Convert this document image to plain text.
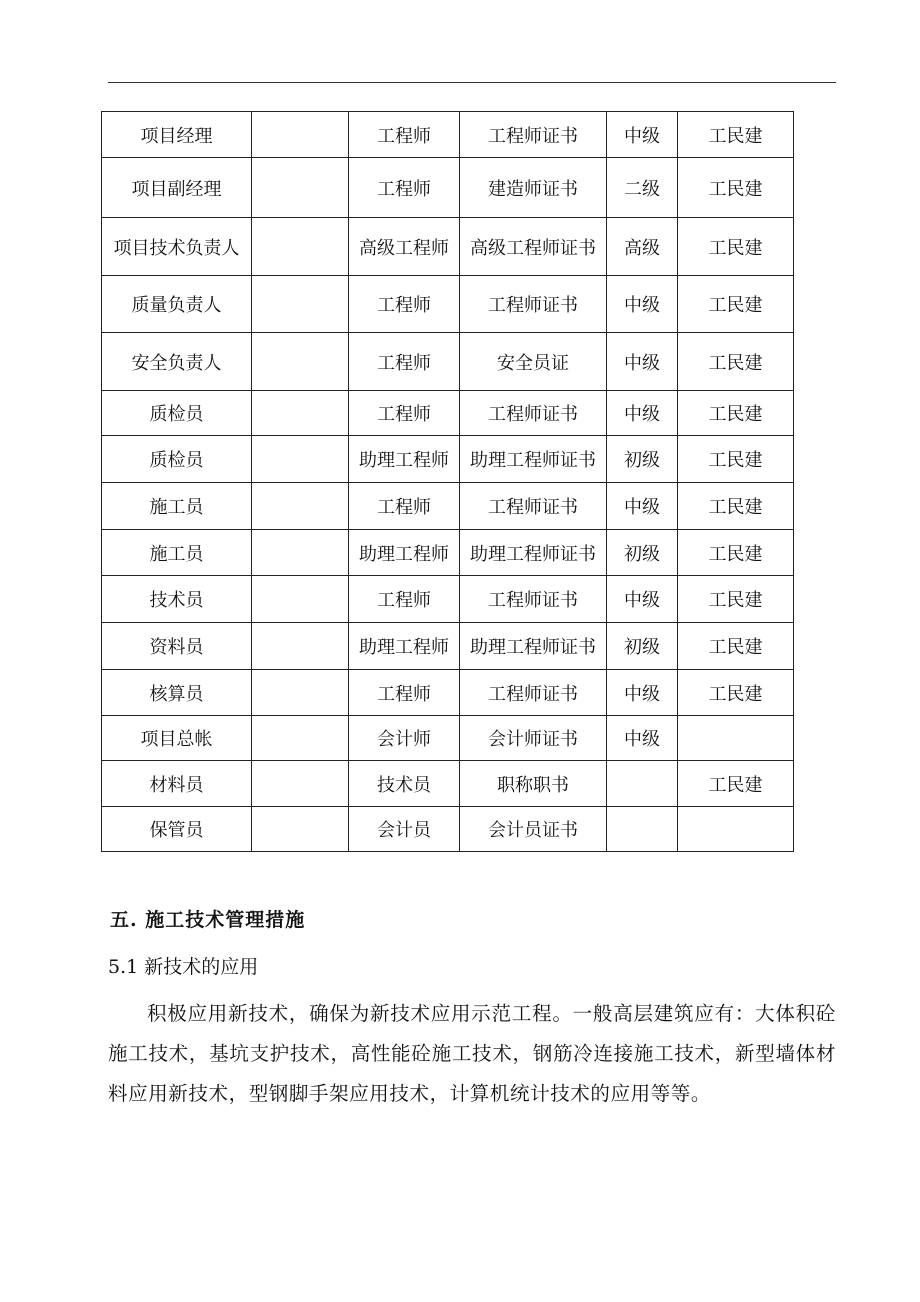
项目经理		工程师	工程师证书	中级	工民建
项目副经理		工程师	建造师证书	二级	工民建
项目技术负责人		高级工程师	高级工程师证书	高级	工民建
质量负责人		工程师	工程师证书	中级	工民建
安全负责人		工程师	安全员证	中级	工民建
质检员		工程师	工程师证书	中级	工民建
质检员		助理工程师	助理工程师证书	初级	工民建
施工员		工程师	工程师证书	中级	工民建
施工员		助理工程师	助理工程师证书	初级	工民建
技术员		工程师	工程师证书	中级	工民建
资料员		助理工程师	助理工程师证书	初级	工民建
核算员		工程师	工程师证书	中级	工民建
项目总帐		会计师	会计师证书	中级	
材料员		技术员	职称职书		工民建
保管员		会计员	会计员证书		
五. 施工技术管理措施
5.1 新技术的应用

积极应用新技术，确保为新技术应用示范工程。一般高层建筑应有：大体积砼施工技术，基坑支护技术，高性能砼施工技术，钢筋冷连接施工技术，新型墙体材料应用新技术，型钢脚手架应用技术，计算机统计技术的应用等等。
